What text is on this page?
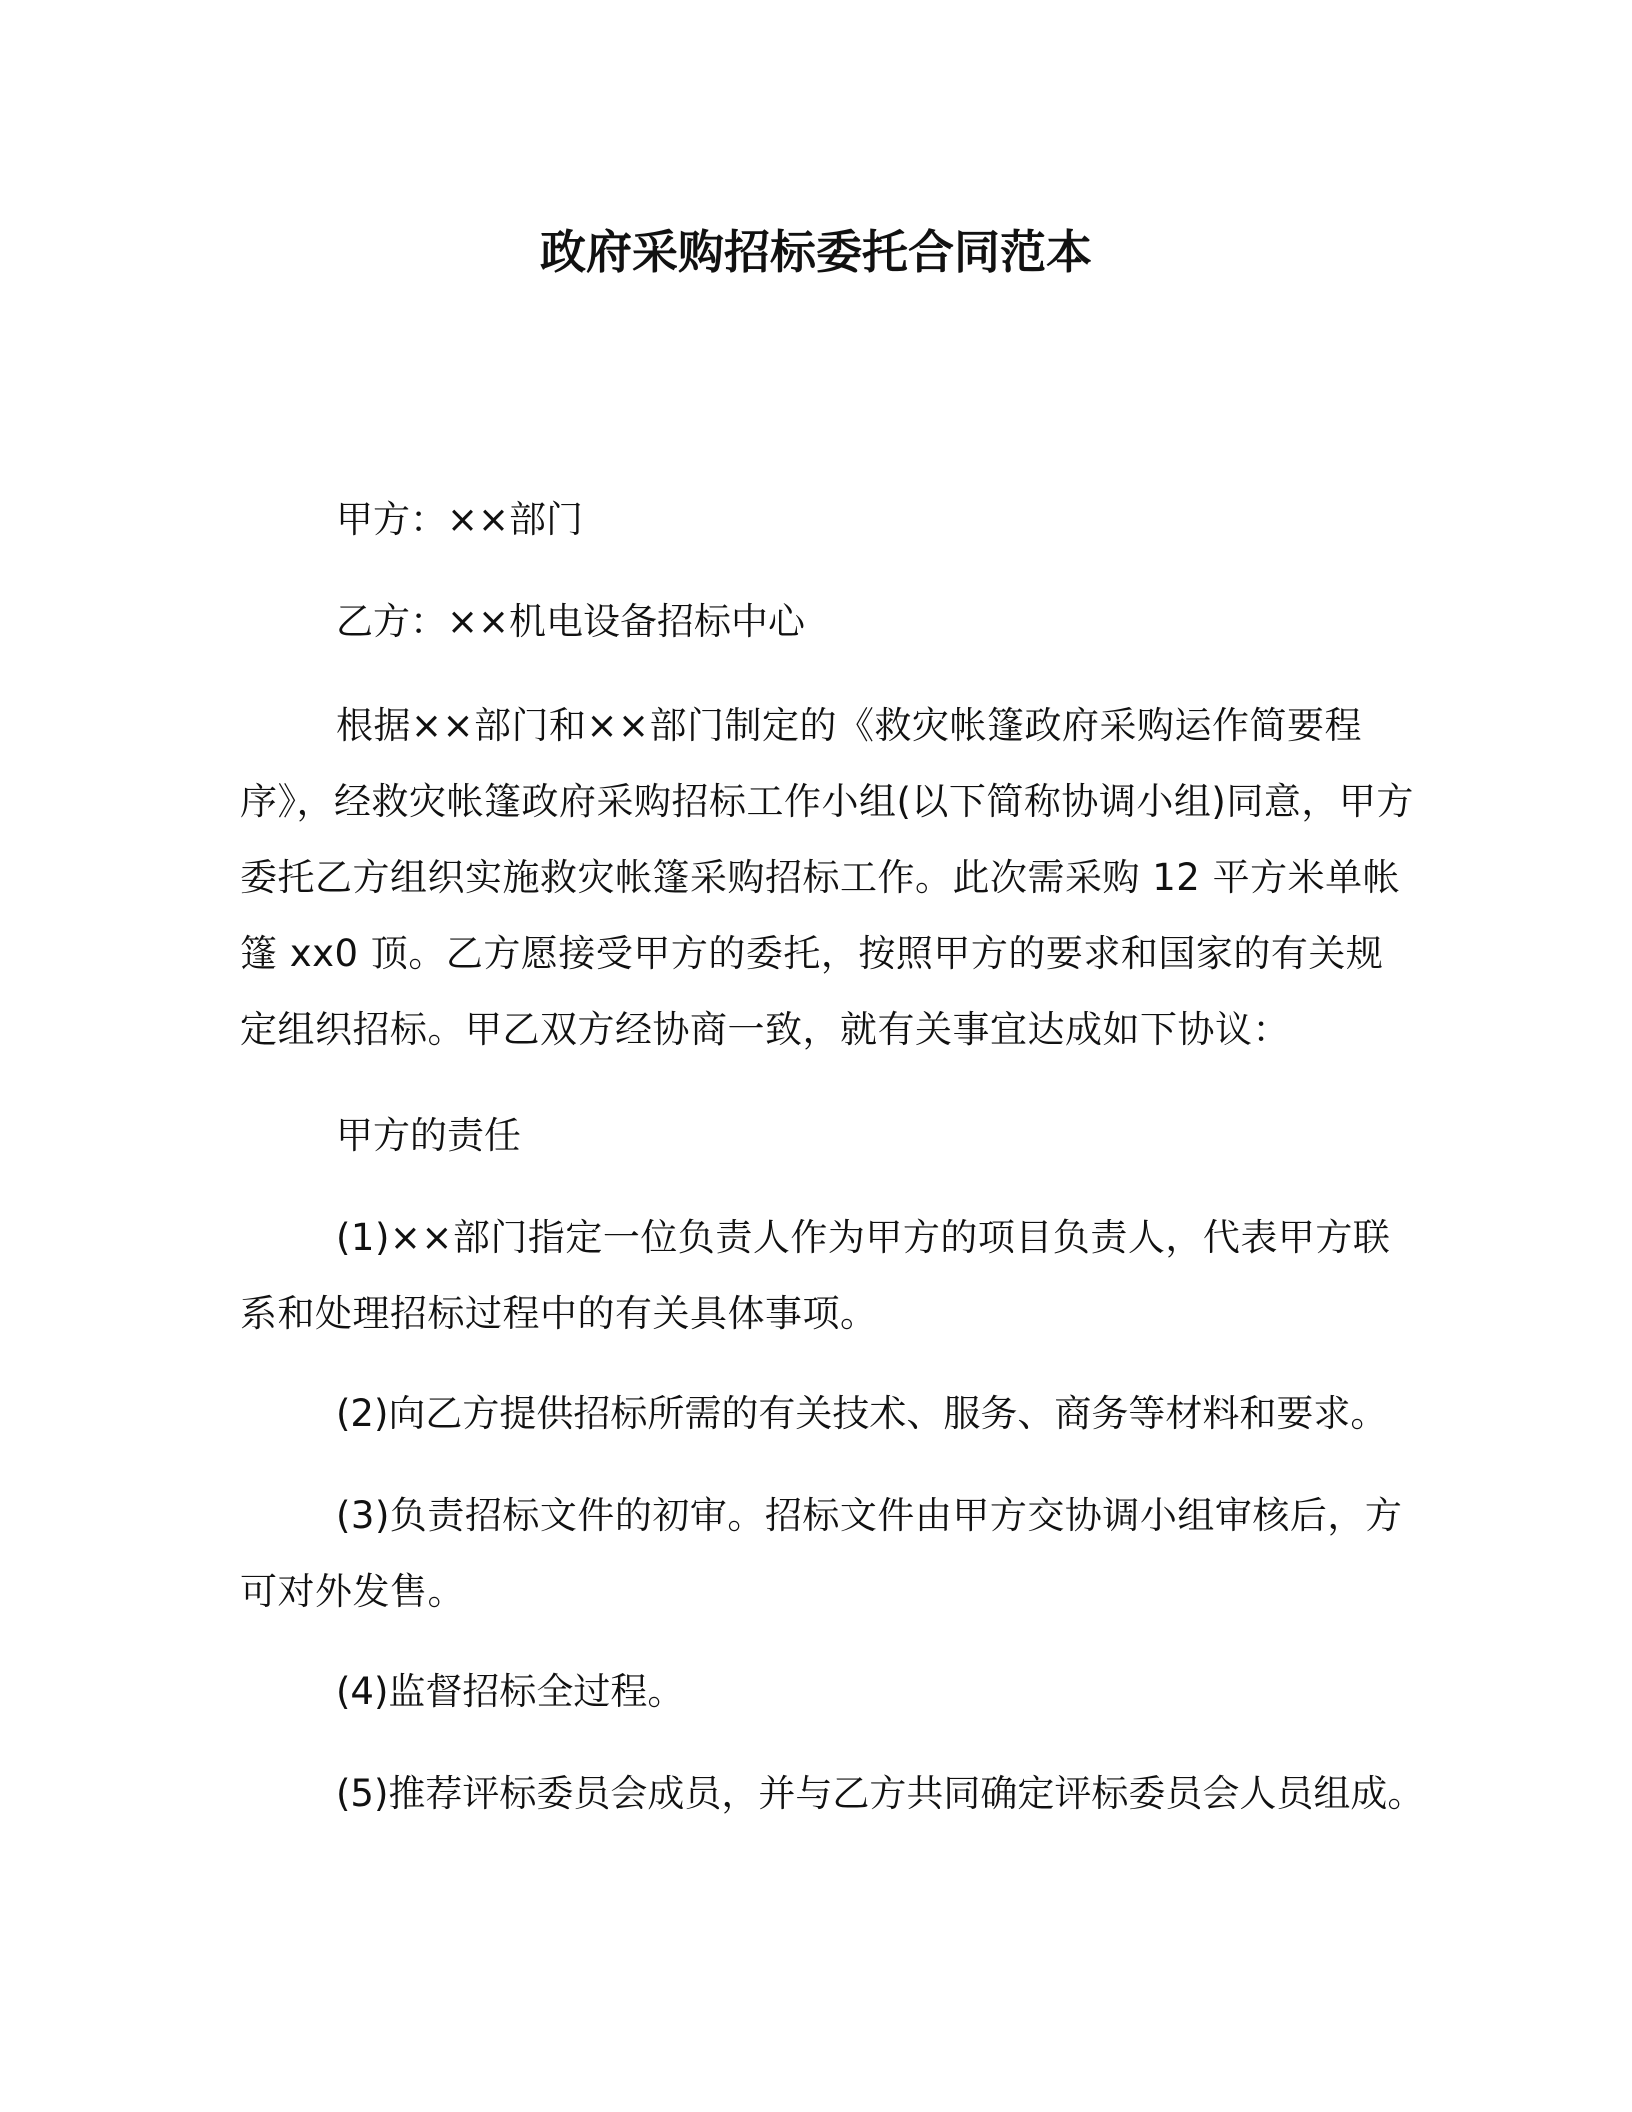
政府采购招标委托合同范本
甲方：××部门
乙方：××机电设备招标中心

根据××部门和××部门制定的《救灾帐篷政府采购运作简要程序》，经救灾帐篷政府采购招标工作小组(以下简称协调小组)同意，甲方委托乙方组织实施救灾帐篷采购招标工作。此次需采购 12 平方米单帐篷 xx0 顶。乙方愿接受甲方的委托，按照甲方的要求和国家的有关规定组织招标。甲乙双方经协商一致，就有关事宜达成如下协议：

甲方的责任

(1)××部门指定一位负责人作为甲方的项目负责人，代表甲方联系和处理招标过程中的有关具体事项。

(2)向乙方提供招标所需的有关技术、服务、商务等材料和要求。

(3)负责招标文件的初审。招标文件由甲方交协调小组审核后，方可对外发售。

(4)监督招标全过程。
(5)推荐评标委员会成员，并与乙方共同确定评标委员会人员组成。
